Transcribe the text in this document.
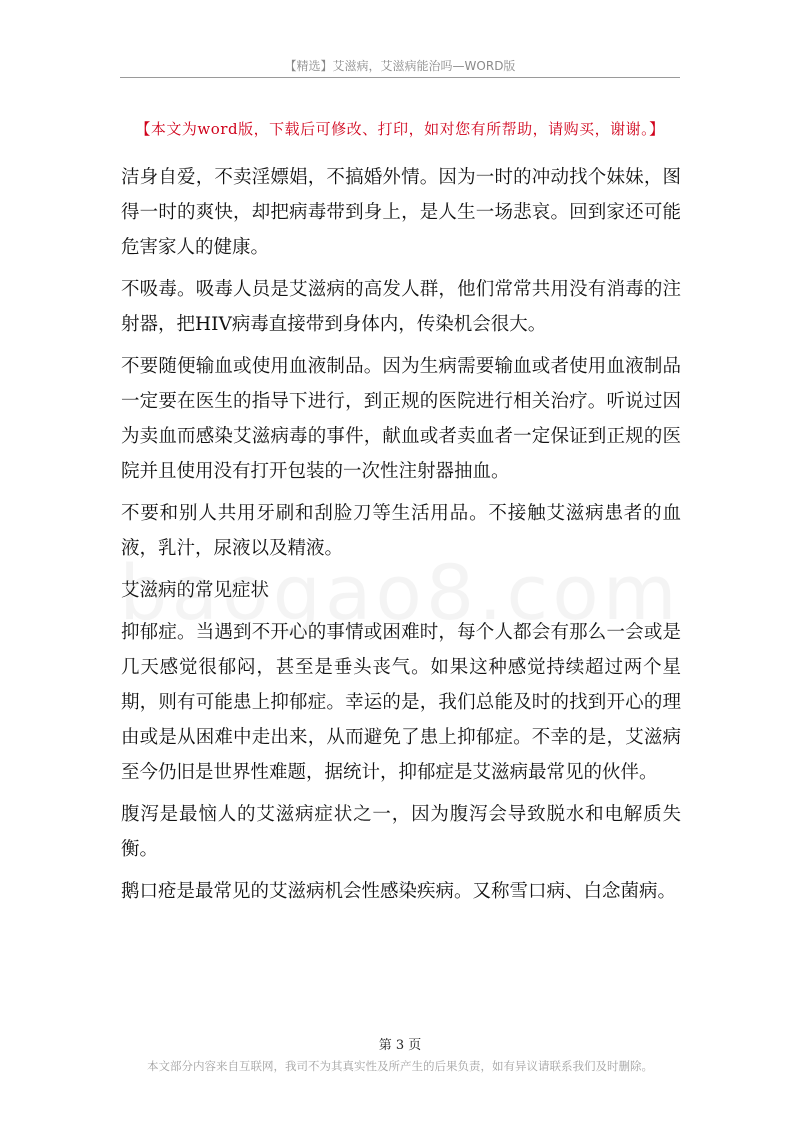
【精选】艾滋病，艾滋病能治吗—WORD版
【本文为word版，下载后可修改、打印，如对您有所帮助，请购买，谢谢。】

洁身自爱，不卖淫嫖娼，不搞婚外情。因为一时的冲动找个妹妹，图得一时的爽快，却把病毒带到身上，是人生一场悲哀。回到家还可能危害家人的健康。

不吸毒。吸毒人员是艾滋病的高发人群，他们常常共用没有消毒的注射器，把HIV病毒直接带到身体内，传染机会很大。

不要随便输血或使用血液制品。因为生病需要输血或者使用血液制品一定要在医生的指导下进行，到正规的医院进行相关治疗。听说过因为卖血而感染艾滋病毒的事件，献血或者卖血者一定保证到正规的医院并且使用没有打开包装的一次性注射器抽血。

不要和别人共用牙刷和刮脸刀等生活用品。不接触艾滋病患者的血液，乳汁，尿液以及精液。

艾滋病的常见症状

抑郁症。当遇到不开心的事情或困难时，每个人都会有那么一会或是几天感觉很郁闷，甚至是垂头丧气。如果这种感觉持续超过两个星期，则有可能患上抑郁症。幸运的是，我们总能及时的找到开心的理由或是从困难中走出来，从而避免了患上抑郁症。不幸的是，艾滋病至今仍旧是世界性难题，据统计，抑郁症是艾滋病最常见的伙伴。

腹泻是最恼人的艾滋病症状之一，因为腹泻会导致脱水和电解质失衡。

鹅口疮是最常见的艾滋病机会性感染疾病。又称雪口病、白念菌病。

第 3 页
本文部分内容来自互联网，我司不为其真实性及所产生的后果负责，如有异议请联系我们及时删除。
